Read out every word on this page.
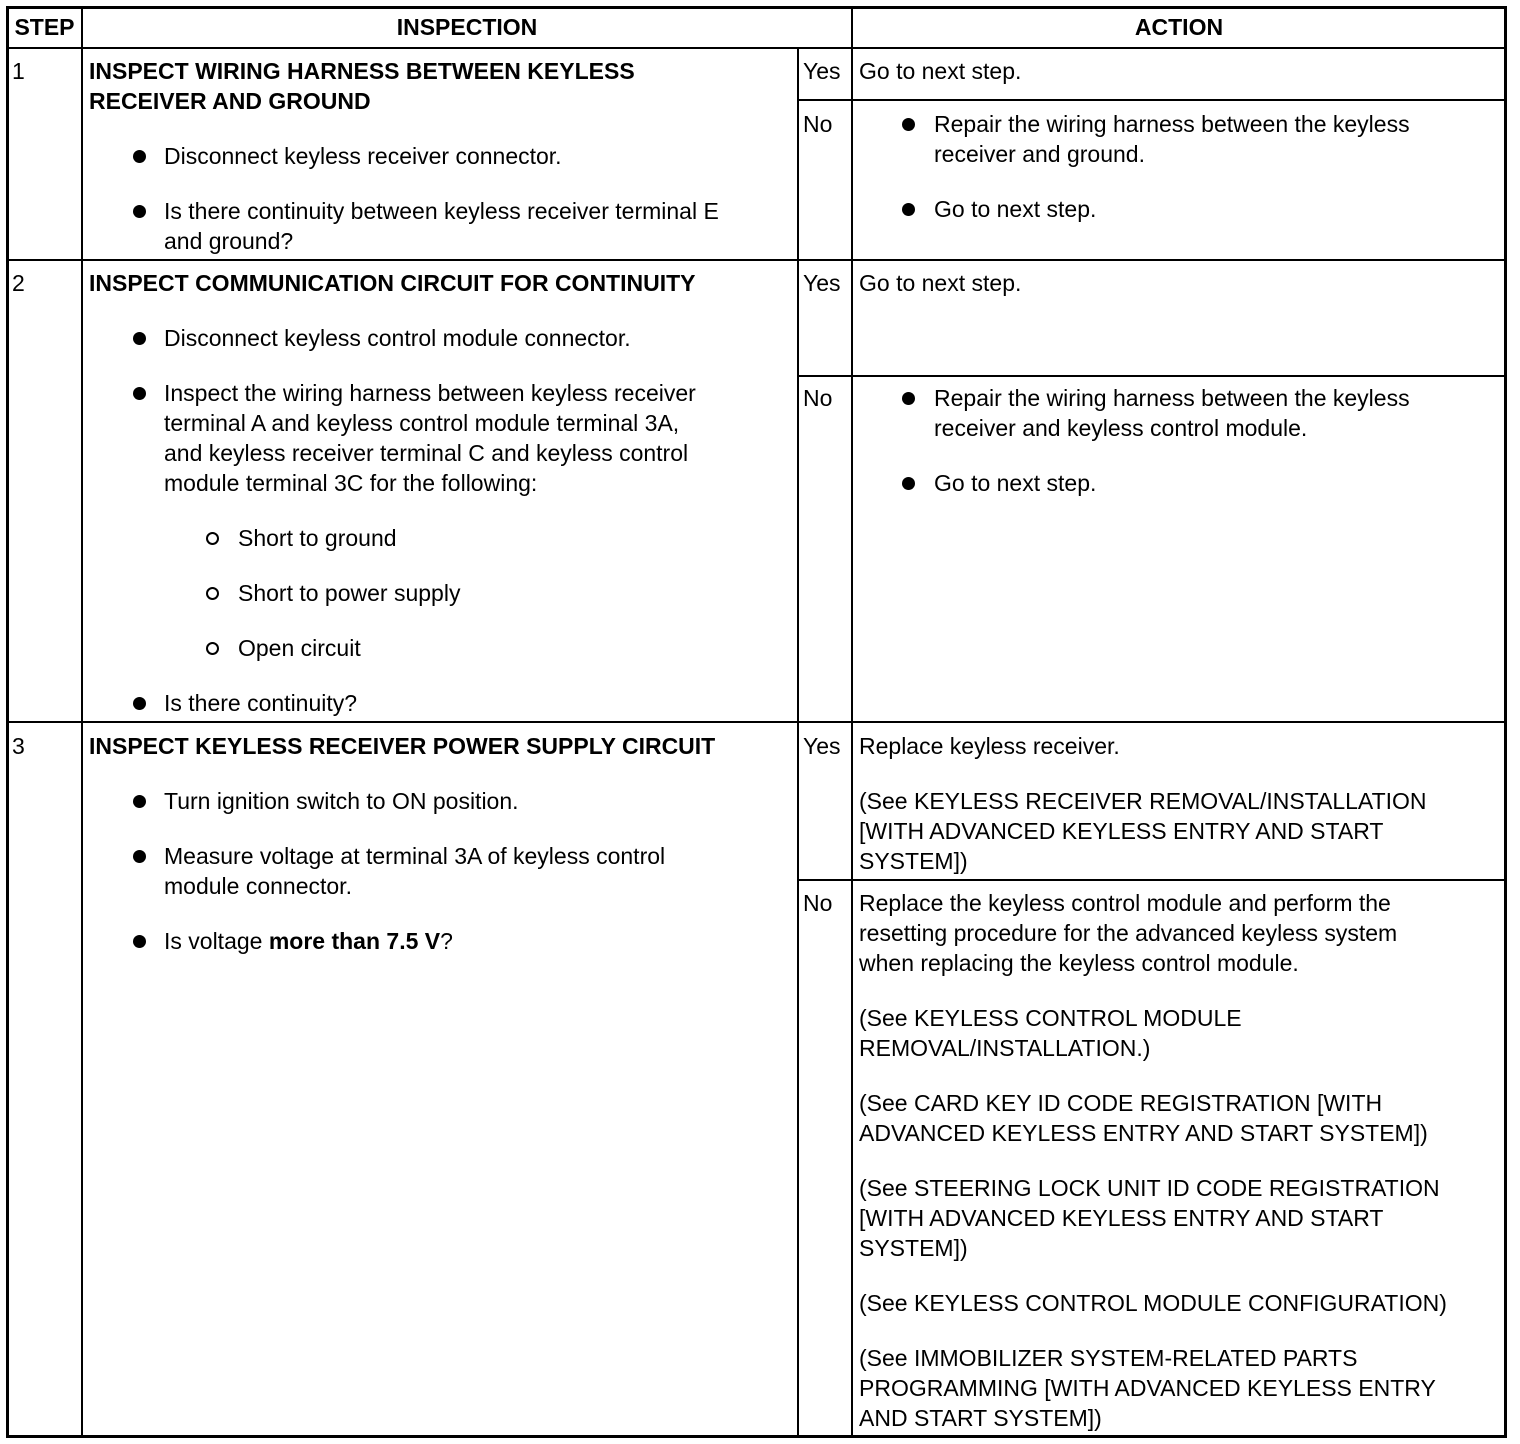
STEP	INSPECTION	ACTION
1	INSPECT WIRING HARNESS BETWEEN KEYLESS
RECEIVER AND GROUND
Disconnect keyless receiver connector.
Is there continuity between keyless receiver terminal E
and ground?
Yes Go to next step.
No	Repair the wiring harness between the keyless
receiver and ground.
Go to next step.
2	INSPECT COMMUNICATION CIRCUIT FOR CONTINUITY
Disconnect keyless control module connector.
Inspect the wiring harness between keyless receiver
terminal A and keyless control module terminal 3A,
and keyless receiver terminal C and keyless control
module terminal 3C for the following:
Short to ground
Short to power supply
Open circuit
Is there continuity?
Yes Go to next step.
No	Repair the wiring harness between the keyless
receiver and keyless control module.
Go to next step.
3	INSPECT KEYLESS RECEIVER POWER SUPPLY CIRCUIT
Turn ignition switch to ON position.
Measure voltage at terminal 3A of keyless control
module connector.
Is voltage more than 7.5 V?
Yes Replace keyless receiver.
(See KEYLESS RECEIVER REMOVAL/INSTALLATION
[WITH ADVANCED KEYLESS ENTRY AND START
SYSTEM])
No Replace the keyless control module and perform the
resetting procedure for the advanced keyless system
when replacing the keyless control module.
(See KEYLESS CONTROL MODULE
REMOVAL/INSTALLATION.)
(See CARD KEY ID CODE REGISTRATION [WITH
ADVANCED KEYLESS ENTRY AND START SYSTEM])
(See STEERING LOCK UNIT ID CODE REGISTRATION
[WITH ADVANCED KEYLESS ENTRY AND START
SYSTEM])
(See KEYLESS CONTROL MODULE CONFIGURATION)
(See IMMOBILIZER SYSTEM-RELATED PARTS
PROGRAMMING [WITH ADVANCED KEYLESS ENTRY
AND START SYSTEM])
